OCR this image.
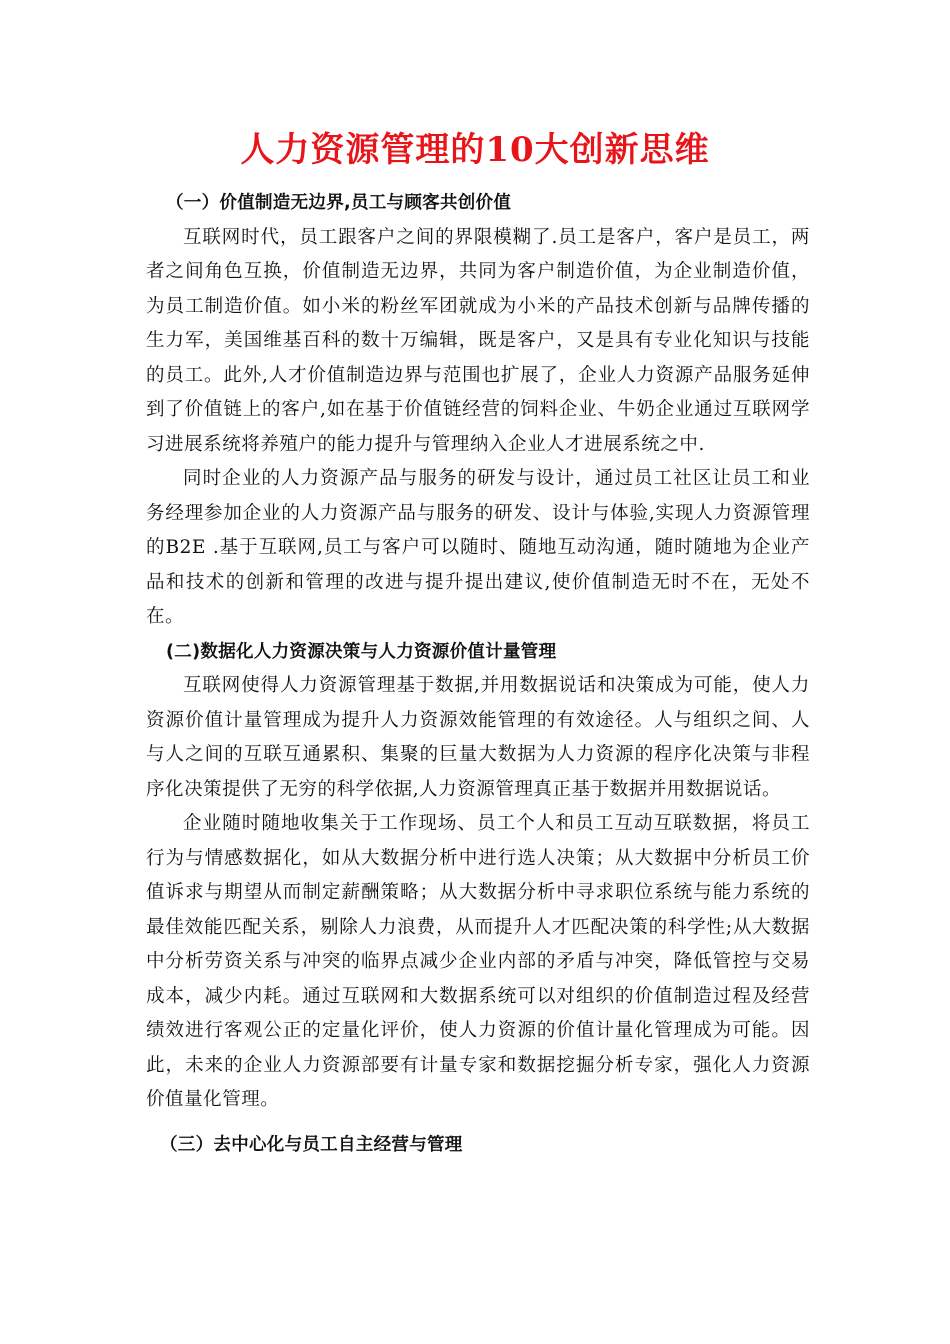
人力资源管理的10大创新思维

（一）价值制造无边界,员工与顾客共创价值

互联网时代，员工跟客户之间的界限模糊了.员工是客户，客户是员工，两者之间角色互换，价值制造无边界，共同为客户制造价值，为企业制造价值，为员工制造价值。如小米的粉丝军团就成为小米的产品技术创新与品牌传播的生力军，美国维基百科的数十万编辑，既是客户，又是具有专业化知识与技能的员工。此外,人才价值制造边界与范围也扩展了，企业人力资源产品服务延伸到了价值链上的客户,如在基于价值链经营的饲料企业、牛奶企业通过互联网学习进展系统将养殖户的能力提升与管理纳入企业人才进展系统之中.

同时企业的人力资源产品与服务的研发与设计，通过员工社区让员工和业务经理参加企业的人力资源产品与服务的研发、设计与体验,实现人力资源管理的B2E .基于互联网,员工与客户可以随时、随地互动沟通，随时随地为企业产品和技术的创新和管理的改进与提升提出建议,使价值制造无时不在，无处不在。

(二)数据化人力资源决策与人力资源价值计量管理

互联网使得人力资源管理基于数据,并用数据说话和决策成为可能，使人力资源价值计量管理成为提升人力资源效能管理的有效途径。人与组织之间、人与人之间的互联互通累积、集聚的巨量大数据为人力资源的程序化决策与非程序化决策提供了无穷的科学依据,人力资源管理真正基于数据并用数据说话。

企业随时随地收集关于工作现场、员工个人和员工互动互联数据，将员工行为与情感数据化，如从大数据分析中进行选人决策；从大数据中分析员工价值诉求与期望从而制定薪酬策略；从大数据分析中寻求职位系统与能力系统的最佳效能匹配关系，剔除人力浪费，从而提升人才匹配决策的科学性;从大数据中分析劳资关系与冲突的临界点减少企业内部的矛盾与冲突，降低管控与交易成本，减少内耗。通过互联网和大数据系统可以对组织的价值制造过程及经营绩效进行客观公正的定量化评价，使人力资源的价值计量化管理成为可能。因此，未来的企业人力资源部要有计量专家和数据挖掘分析专家，强化人力资源价值量化管理。

（三）去中心化与员工自主经营与管理
